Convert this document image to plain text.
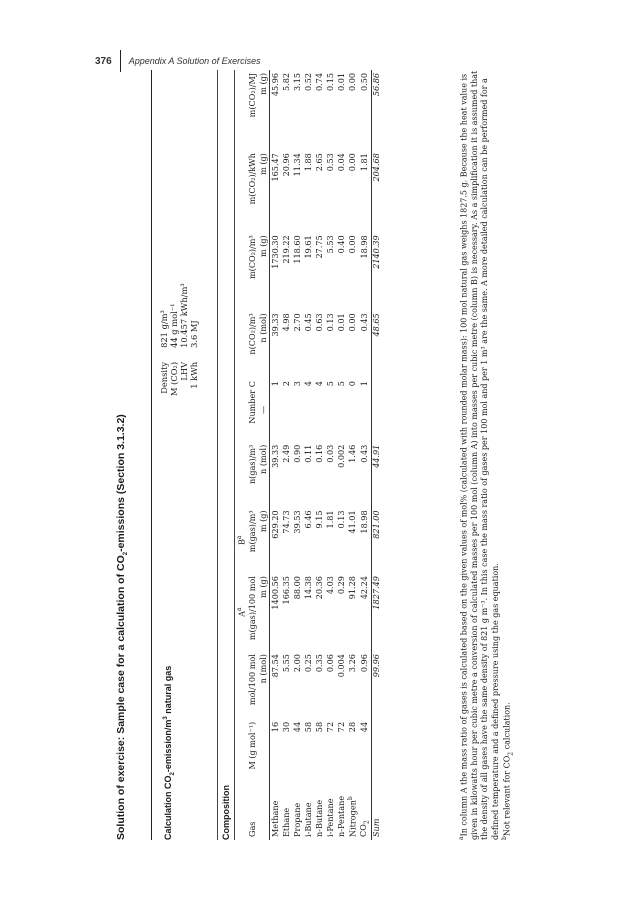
376 Appendix A Solution of Exercises
Solution of exercise: Sample case for a calculation of $CO_2$-emissions (Section 3.1.3.2)
Calculation $CO_2-emission/m^3$ natural gas
Density	821 g/m³
M (CO₂)	44 g mol⁻¹
LHV	10.457 kWh/m³
1 kWh	3.6 MJ
Composition
			$A^a$	$B^a$						
Gas	M (g mol⁻¹)	mol/100 mol	m(gas)/100 mol	m(gas)/m³	n(gas)/m³	Number C	n(CO₂)/m³	m(CO₂)/m³	m(CO₂)/kWh	m(CO₂)/MJ
		n (mol)	m (g)	m (g)	n (mol)	—	n (mol)	m (g)	m (g)	m (g)
Methane	16	87.54	1400.56	629.20	39.33	1	39.33	1730.30	165.47	45.96
Ethane	30	5.55	166.35	74.73	2.49	2	4.98	219.22	20.96	5.82
Propane	44	2.00	88.00	39.53	0.90	3	2.70	118.60	11.34	3.15
i-Butane	58	0.25	14.38	6.46	0.11	4	0.45	19.61	1.88	0.52
n-Butane	58	0.35	20.36	9.15	0.16	4	0.63	27.75	2.65	0.74
i-Pentane	72	0.06	4.03	1.81	0.03	5	0.13	5.53	0.53	0.15
n-Pentane	72	0.004	0.29	0.13	0.002	5	0.01	0.40	0.04	0.01
Nitrogen$^b$	28	3.26	91.28	41.01	1.46	0	0.00	0.00	0.00	0.00
$CO_2$	44	0.96	42.24	18.98	0.43	1	0.43	18.98	1.81	0.50
Sum		99.96	1827.49	821.00	44.91		48.65	2140.39	204.68	56.86

$^a$In column A the mass ratio of gases is calculated based on the given values of mol% (calculated with rounded molar mass): 100 mol natural gas weighs 1827.5 g. Because the heat value is given in kilowatts hour per cubic metre a conversion of calculated masses per 100 mol (column A) into masses per cubic metre (column B) is necessary. As a simplification it is assumed that the density of all gases have the same density of 821 g m⁻³. In this case the mass ratio of gases per 100 mol and per 1 m³ are the same. A more detailed calculation can be performed for a defined temperature and a defined pressure using the gas equation. $^b$Not relevant for $CO_2$ calculation.
